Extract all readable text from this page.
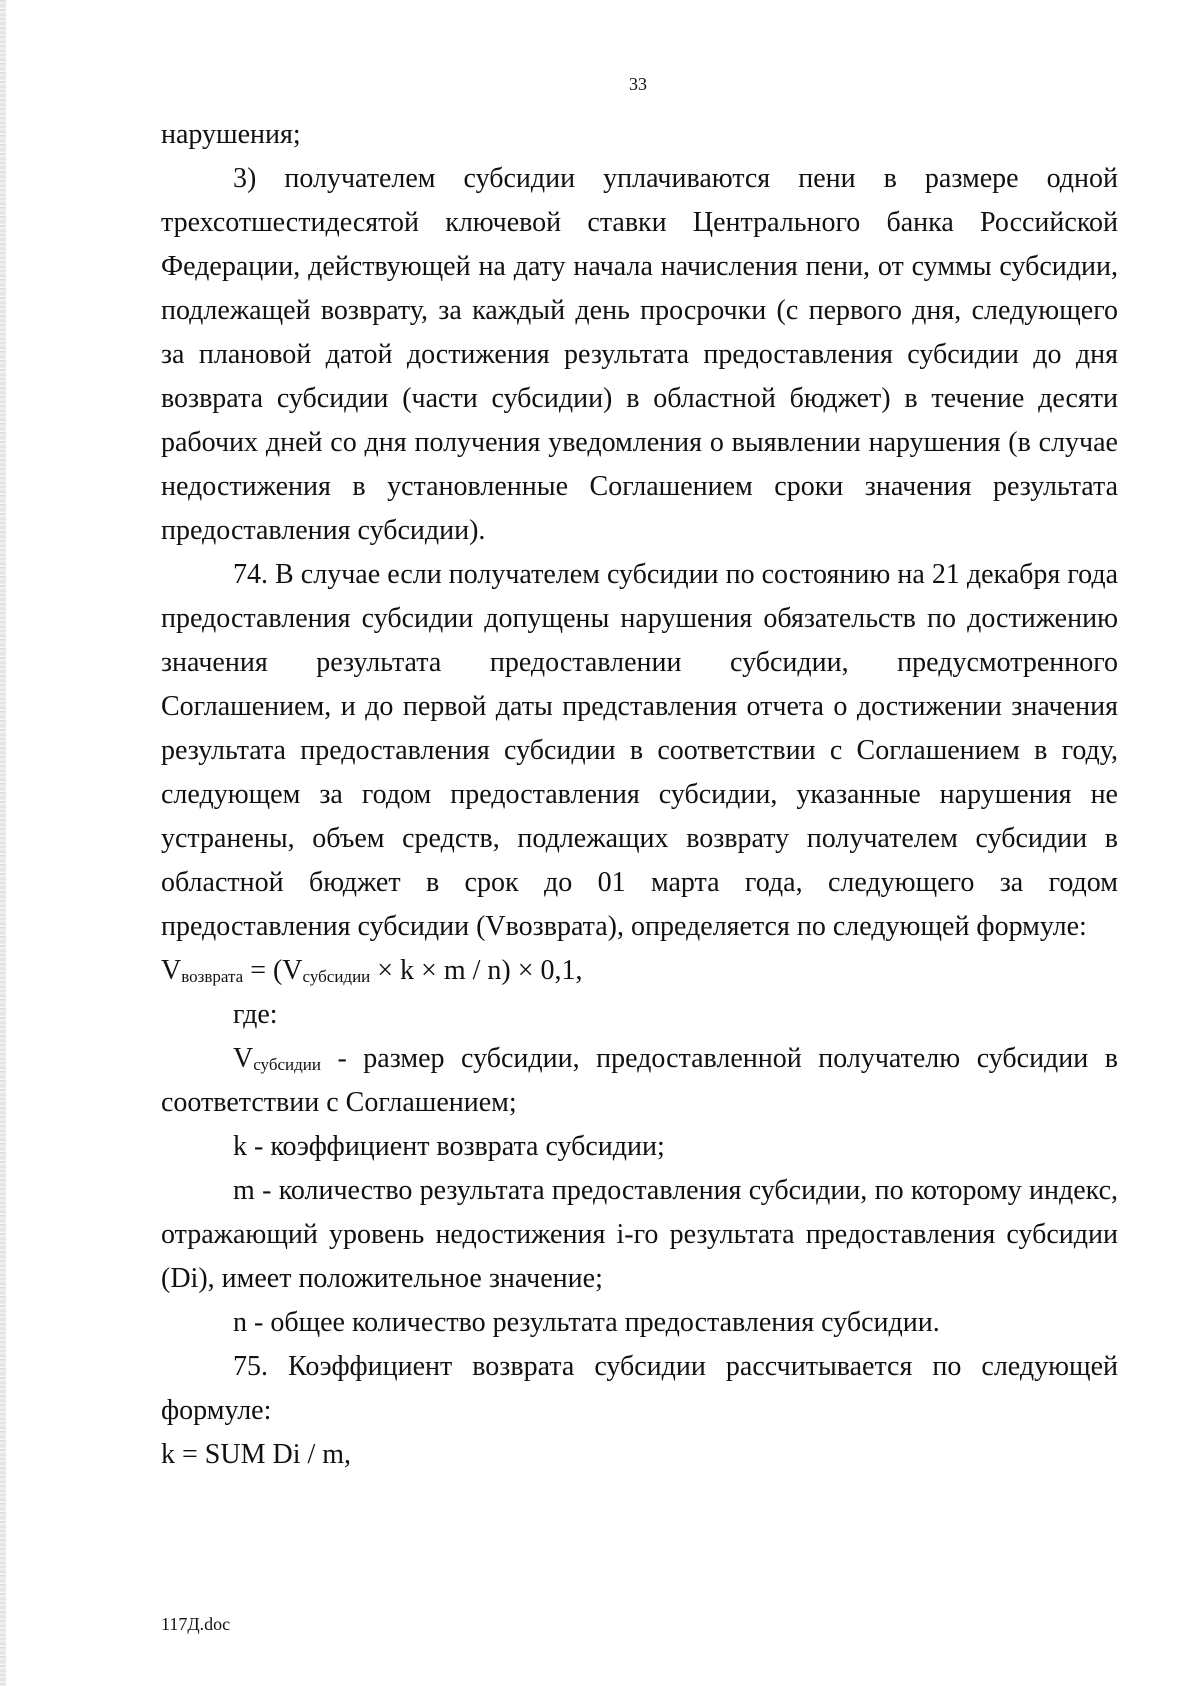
33

нарушения;

3) получателем субсидии уплачиваются пени в размере одной трехсотшестидесятой ключевой ставки Центрального банка Российской Федерации, действующей на дату начала начисления пени, от суммы субсидии, подлежащей возврату, за каждый день просрочки (с первого дня, следующего за плановой датой достижения результата предоставления субсидии до дня возврата субсидии (части субсидии) в областной бюджет) в течение десяти рабочих дней со дня получения уведомления о выявлении нарушения (в случае недостижения в установленные Соглашением сроки значения результата предоставления субсидии).

74. В случае если получателем субсидии по состоянию на 21 декабря года предоставления субсидии допущены нарушения обязательств по достижению значения результата предоставлении субсидии, предусмотренного Соглашением, и до первой даты представления отчета о достижении значения результата предоставления субсидии в соответствии с Соглашением в году, следующем за годом предоставления субсидии, указанные нарушения не устранены, объем средств, подлежащих возврату получателем субсидии в областной бюджет в срок до 01 марта года, следующего за годом предоставления субсидии (Vвозврата), определяется по следующей формуле:

$V_{возврата} = (V_{субсидии} \times k \times m / n) \times 0,1$,

где:

$V_{субсидии}$ - размер субсидии, предоставленной получателю субсидии в соответствии с Соглашением;

k - коэффициент возврата субсидии;

m - количество результата предоставления субсидии, по которому индекс, отражающий уровень недостижения i-го результата предоставления субсидии (Di), имеет положительное значение;

n - общее количество результата предоставления субсидии.

75. Коэффициент возврата субсидии рассчитывается по следующей формуле:

k = SUM Di / m,

117Д.doc
